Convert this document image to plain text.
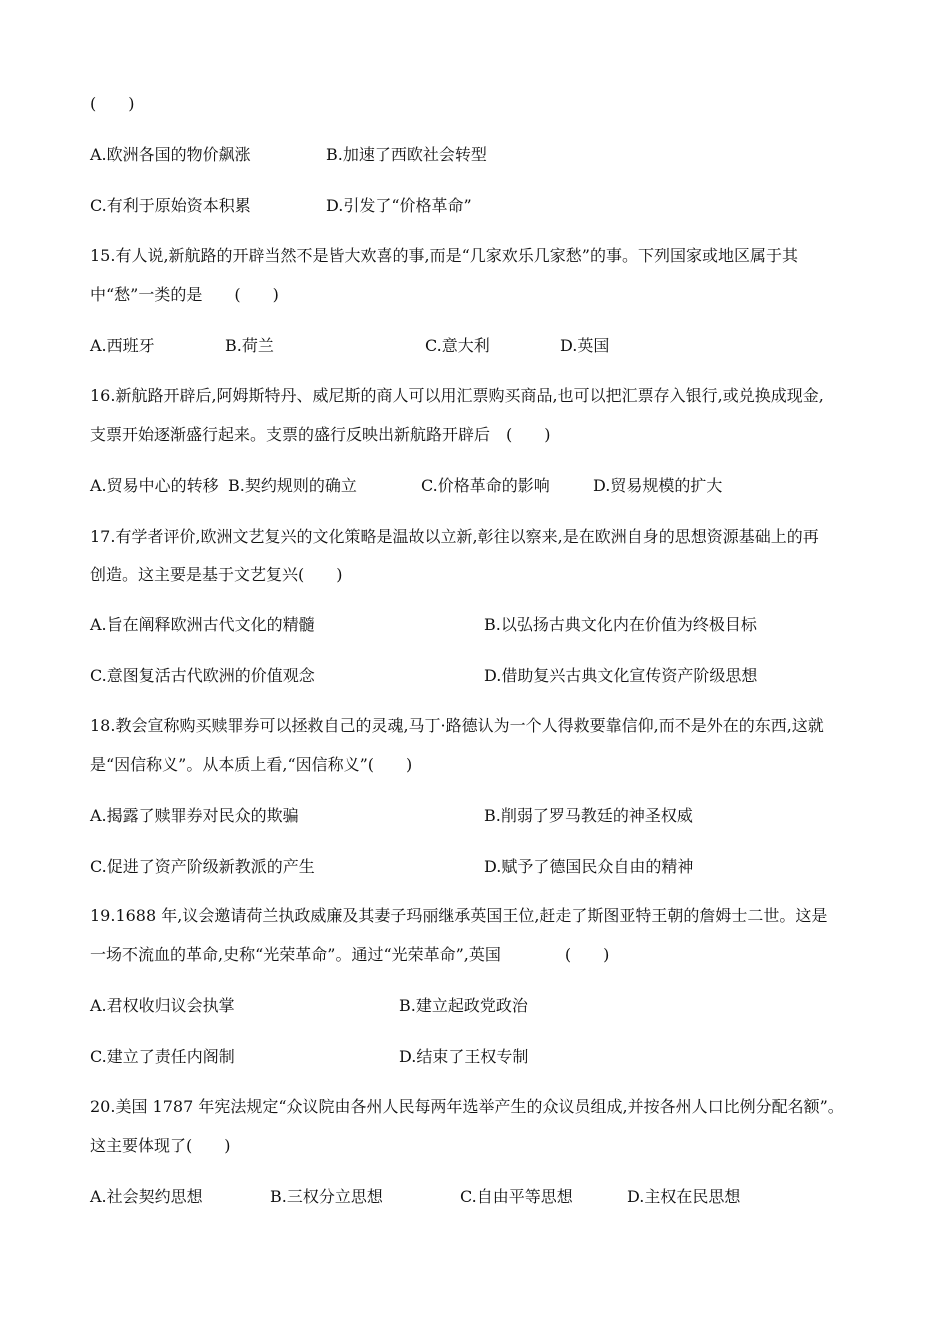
(　　)
A.欧洲各国的物价飙涨	B.加速了西欧社会转型
C.有利于原始资本积累	D.引发了“价格革命”
15.有人说,新航路的开辟当然不是皆大欢喜的事,而是“几家欢乐几家愁”的事。下列国家或地区属于其
中“愁”一类的是　　(　　)
A.西班牙	B.荷兰	C.意大利	D.英国
16.新航路开辟后,阿姆斯特丹、威尼斯的商人可以用汇票购买商品,也可以把汇票存入银行,或兑换成现金,
支票开始逐渐盛行起来。支票的盛行反映出新航路开辟后　(　　)
A.贸易中心的转移 B.契约规则的确立	C.价格革命的影响	D.贸易规模的扩大
17.有学者评价,欧洲文艺复兴的文化策略是温故以立新,彰往以察来,是在欧洲自身的思想资源基础上的再
创造。这主要是基于文艺复兴(　　)
A.旨在阐释欧洲古代文化的精髓	B.以弘扬古典文化内在价值为终极目标
C.意图复活古代欧洲的价值观念	D.借助复兴古典文化宣传资产阶级思想
18.教会宣称购买赎罪券可以拯救自己的灵魂,马丁·路德认为一个人得救要靠信仰,而不是外在的东西,这就
是“因信称义”。从本质上看,“因信称义”(　　)
A.揭露了赎罪券对民众的欺骗	B.削弱了罗马教廷的神圣权威
C.促进了资产阶级新教派的产生	D.赋予了德国民众自由的精神
19.1688 年,议会邀请荷兰执政威廉及其妻子玛丽继承英国王位,赶走了斯图亚特王朝的詹姆士二世。这是
一场不流血的革命,史称“光荣革命”。通过“光荣革命”,英国　　　　(　　)
A.君权收归议会执掌	B.建立起政党政治
C.建立了责任内阁制	D.结束了王权专制
20.美国 1787 年宪法规定“众议院由各州人民每两年选举产生的众议员组成,并按各州人口比例分配名额”。
这主要体现了(　　)
A.社会契约思想	B.三权分立思想	C.自由平等思想	D.主权在民思想
